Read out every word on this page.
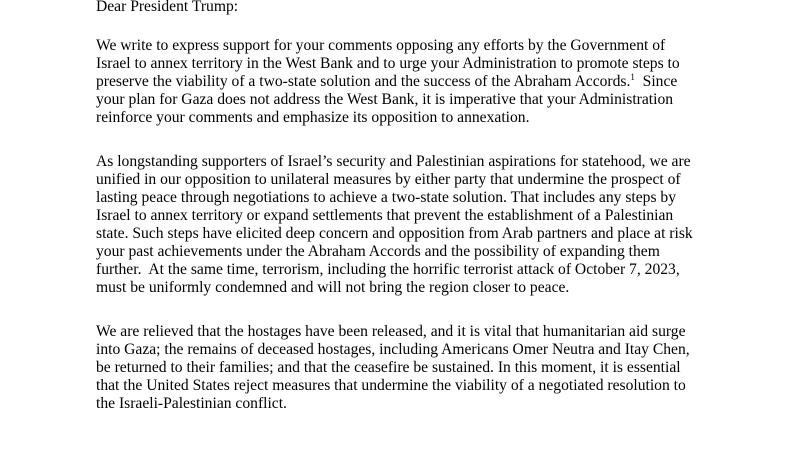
Dear President Trump:

We write to express support for your comments opposing any efforts by the Government of

Israel to annex territory in the West Bank and to urge your Administration to promote steps to

preserve the viability of a two-state solution and the success of the Abraham Accords.$^1$  Since

your plan for Gaza does not address the West Bank, it is imperative that your Administration

reinforce your comments and emphasize its opposition to annexation.

As longstanding supporters of Israel’s security and Palestinian aspirations for statehood, we are

unified in our opposition to unilateral measures by either party that undermine the prospect of

lasting peace through negotiations to achieve a two-state solution. That includes any steps by

Israel to annex territory or expand settlements that prevent the establishment of a Palestinian

state. Such steps have elicited deep concern and opposition from Arab partners and place at risk

your past achievements under the Abraham Accords and the possibility of expanding them

further.  At the same time, terrorism, including the horrific terrorist attack of October 7, 2023,

must be uniformly condemned and will not bring the region closer to peace.

We are relieved that the hostages have been released, and it is vital that humanitarian aid surge

into Gaza; the remains of deceased hostages, including Americans Omer Neutra and Itay Chen,

be returned to their families; and that the ceasefire be sustained. In this moment, it is essential

that the United States reject measures that undermine the viability of a negotiated resolution to

the Israeli-Palestinian conflict.
